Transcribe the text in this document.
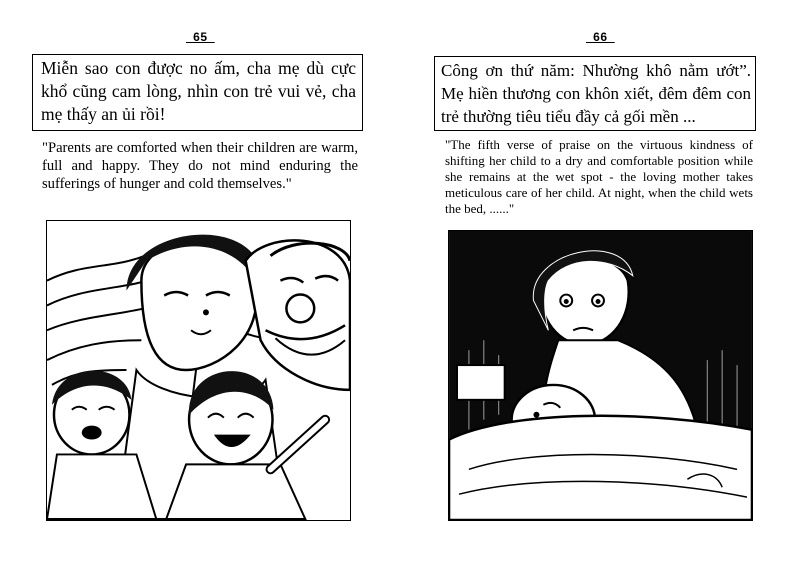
_65_
Miễn sao con được no ấm, cha mẹ dù cực khổ cũng cam lòng, nhìn con trẻ vui vẻ, cha mẹ thấy an ủi rồi!
"Parents are comforted when their children are warm, full and happy. They do not mind enduring the sufferings of hunger and cold themselves."
_66_
Công ơn thứ năm: Nhường khô nằm ướt”. Mẹ hiền thương con khôn xiết, đêm đêm con trẻ thường tiêu tiểu đầy cả gối mền ...
"The fifth verse of praise on the virtuous kindness of shifting her child to a dry and comfortable position while she remains at the wet spot - the loving mother takes meticulous care of her child. At night, when the child wets the bed, ......"
